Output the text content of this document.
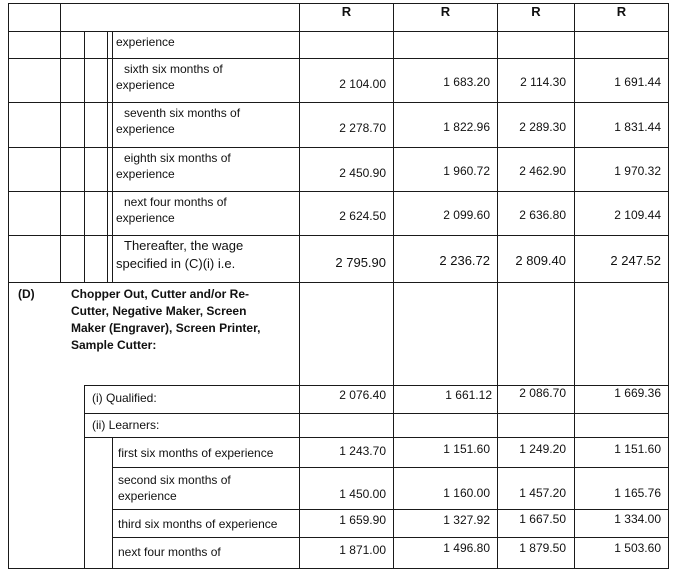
R	R	R	R
experience
sixth six months of
experience	2 104.00	1 683.20	2 114.30	1 691.44
seventh six months of
experience	2 278.70	1 822.96	2 289.30	1 831.44
eighth six months of
experience	2 450.90	1 960.72	2 462.90	1 970.32
next four months of
experience	2 624.50	2 099.60	2 636.80	2 109.44
Thereafter, the wage
specified in (C)(i) i.e.	2 795.90	2 236.72	2 809.40	2 247.52
(D)	Chopper Out, Cutter and/or Re-
Cutter, Negative Maker, Screen
Maker (Engraver), Screen Printer,
Sample Cutter:
(i) Qualified:	2 076.40	1 661.12	2 086.70	1 669.36
(ii) Learners:
first six months of experience	1 243.70	1 151.60	1 249.20	1 151.60
second six months of
experience	1 450.00	1 160.00	1 457.20	1 165.76
third six months of experience	1 659.90	1 327.92	1 667.50	1 334.00
next four months of	1 871.00	1 496.80	1 879.50	1 503.60
